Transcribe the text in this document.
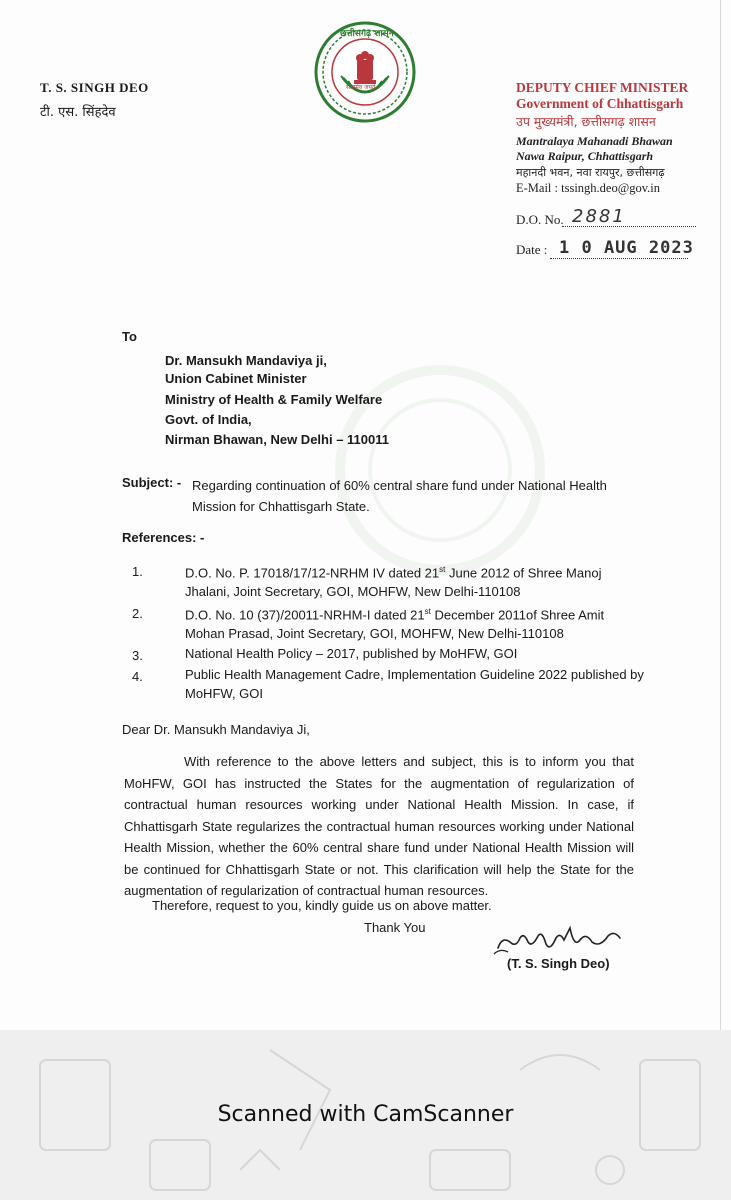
T. S. SINGH DEO
टी. एस. सिंहदेव
छत्तीसगढ़ शासन
सत्यमेव जयते	DEPUTY CHIEF MINISTER
Government of Chhattisgarh
उप मुख्यमंत्री, छत्तीसगढ़ शासन
Mantralaya Mahanadi Bhawan
Nawa Raipur, Chhattisgarh
महानदी भवन, नवा रायपुर, छत्तीसगढ़
E-Mail : tssingh.deo@gov.in
D.O. No. 2881
Date : 1 0 AUG 2023
To
Dr. Mansukh Mandaviya ji,
Union Cabinet Minister
Ministry of Health & Family Welfare
Govt. of India,
Nirman Bhawan, New Delhi – 110011
Subject: - Regarding continuation of 60% central share fund under National Health Mission for Chhattisgarh State.
References: -
1.	D.O. No. P. 17018/17/12-NRHM IV dated 21st June 2012 of Shree Manoj Jhalani, Joint Secretary, GOI, MOHFW, New Delhi-110108
2.	D.O. No. 10 (37)/20011-NRHM-I dated 21st December 2011of Shree Amit Mohan Prasad, Joint Secretary, GOI, MOHFW, New Delhi-110108
3.	National Health Policy – 2017, published by MoHFW, GOI
4.	Public Health Management Cadre, Implementation Guideline 2022 published by MoHFW, GOI
Dear Dr. Mansukh Mandaviya Ji,
With reference to the above letters and subject, this is to inform you that MoHFW, GOI has instructed the States for the augmentation of regularization of contractual human resources working under National Health Mission. In case, if Chhattisgarh State regularizes the contractual human resources working under National Health Mission, whether the 60% central share fund under National Health Mission will be continued for Chhattisgarh State or not. This clarification will help the State for the augmentation of regularization of contractual human resources.
Therefore, request to you, kindly guide us on above matter.
Thank You
(T. S. Singh Deo)
Scanned with CamScanner
